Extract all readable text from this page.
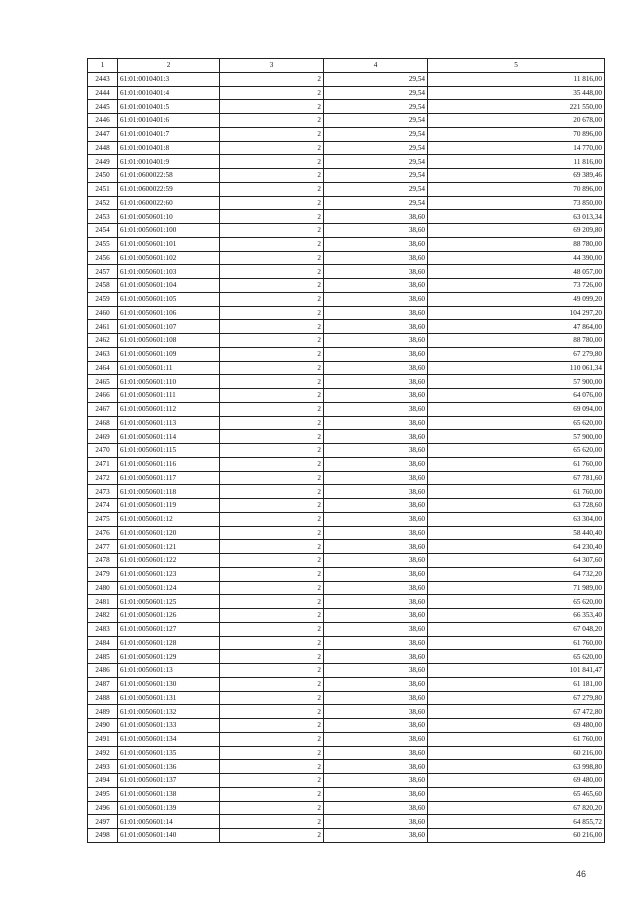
1	2	3	4	5
2443	61:01:0010401:3	2	29,54	11 816,00
2444	61:01:0010401:4	2	29,54	35 448,00
2445	61:01:0010401:5	2	29,54	221 550,00
2446	61:01:0010401:6	2	29,54	20 678,00
2447	61:01:0010401:7	2	29,54	70 896,00
2448	61:01:0010401:8	2	29,54	14 770,00
2449	61:01:0010401:9	2	29,54	11 816,00
2450	61:01:0600022:58	2	29,54	69 389,46
2451	61:01:0600022:59	2	29,54	70 896,00
2452	61:01:0600022:60	2	29,54	73 850,00
2453	61:01:0050601:10	2	38,60	63 013,34
2454	61:01:0050601:100	2	38,60	69 209,80
2455	61:01:0050601:101	2	38,60	88 780,00
2456	61:01:0050601:102	2	38,60	44 390,00
2457	61:01:0050601:103	2	38,60	48 057,00
2458	61:01:0050601:104	2	38,60	73 726,00
2459	61:01:0050601:105	2	38,60	49 099,20
2460	61:01:0050601:106	2	38,60	104 297,20
2461	61:01:0050601:107	2	38,60	47 864,00
2462	61:01:0050601:108	2	38,60	88 780,00
2463	61:01:0050601:109	2	38,60	67 279,80
2464	61:01:0050601:11	2	38,60	110 061,34
2465	61:01:0050601:110	2	38,60	57 900,00
2466	61:01:0050601:111	2	38,60	64 076,00
2467	61:01:0050601:112	2	38,60	69 094,00
2468	61:01:0050601:113	2	38,60	65 620,00
2469	61:01:0050601:114	2	38,60	57 900,00
2470	61:01:0050601:115	2	38,60	65 620,00
2471	61:01:0050601:116	2	38,60	61 760,00
2472	61:01:0050601:117	2	38,60	67 781,60
2473	61:01:0050601:118	2	38,60	61 760,00
2474	61:01:0050601:119	2	38,60	63 728,60
2475	61:01:0050601:12	2	38,60	63 304,00
2476	61:01:0050601:120	2	38,60	58 440,40
2477	61:01:0050601:121	2	38,60	64 230,40
2478	61:01:0050601:122	2	38,60	64 307,60
2479	61:01:0050601:123	2	38,60	64 732,20
2480	61:01:0050601:124	2	38,60	71 989,00
2481	61:01:0050601:125	2	38,60	65 620,00
2482	61:01:0050601:126	2	38,60	66 353,40
2483	61:01:0050601:127	2	38,60	67 048,20
2484	61:01:0050601:128	2	38,60	61 760,00
2485	61:01:0050601:129	2	38,60	65 620,00
2486	61:01:0050601:13	2	38,60	101 841,47
2487	61:01:0050601:130	2	38,60	61 181,00
2488	61:01:0050601:131	2	38,60	67 279,80
2489	61:01:0050601:132	2	38,60	67 472,80
2490	61:01:0050601:133	2	38,60	69 480,00
2491	61:01:0050601:134	2	38,60	61 760,00
2492	61:01:0050601:135	2	38,60	60 216,00
2493	61:01:0050601:136	2	38,60	63 998,80
2494	61:01:0050601:137	2	38,60	69 480,00
2495	61:01:0050601:138	2	38,60	65 465,60
2496	61:01:0050601:139	2	38,60	67 820,20
2497	61:01:0050601:14	2	38,60	64 855,72
2498	61:01:0050601:140	2	38,60	60 216,00
46
